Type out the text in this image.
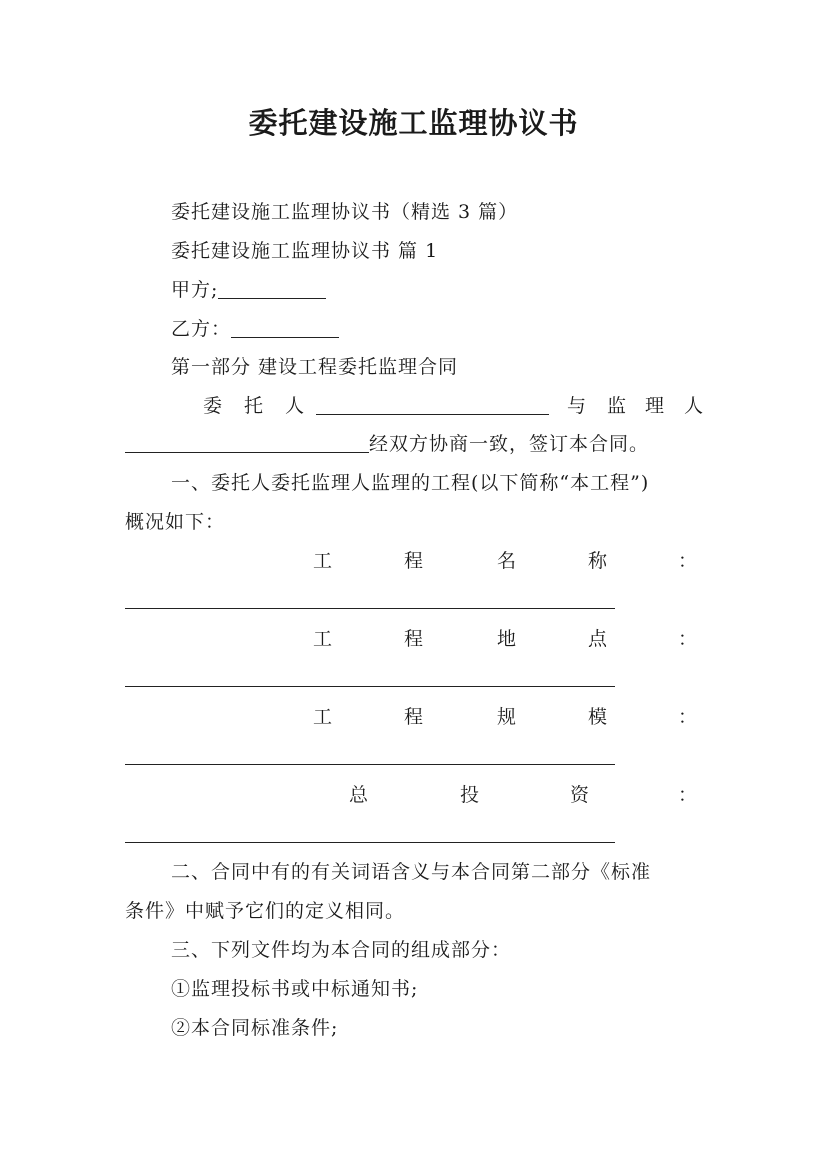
委托建设施工监理协议书
委托建设施工监理协议书（精选 3 篇）
委托建设施工监理协议书 篇 1
甲方;
乙方：
第一部分 建设工程委托监理合同
委 托 人	与 监 理 人
经双方协商一致，签订本合同。
一、委托人委托监理人监理的工程(以下简称“本工程”)
概况如下：
工	程	名	称	：
工	程	地	点	：
工	程	规	模	：
总	投	资	：
二、合同中有的有关词语含义与本合同第二部分《标准
条件》中赋予它们的定义相同。
三、下列文件均为本合同的组成部分：
①监理投标书或中标通知书;
②本合同标准条件;
